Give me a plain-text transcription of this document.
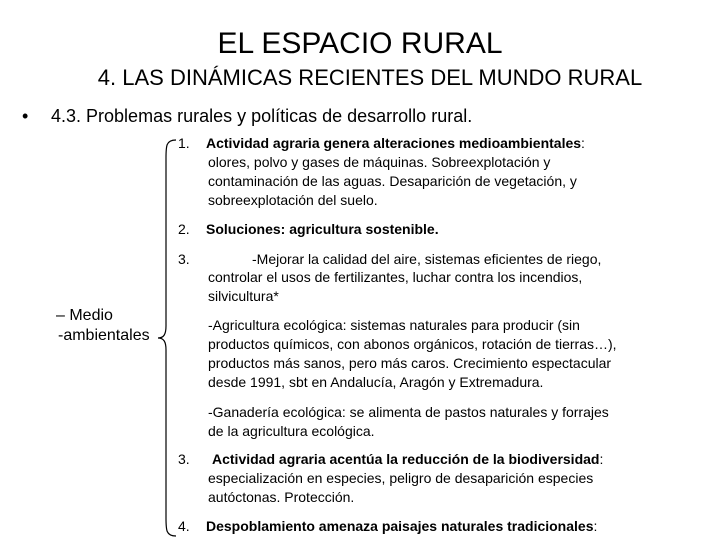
EL ESPACIO RURAL
4. LAS DINÁMICAS RECIENTES DEL MUNDO RURAL
• 4.3. Problemas rurales y políticas de desarrollo rural.
– Medio
-ambientales
1.	Actividad agraria genera alteraciones medioambientales:
olores, polvo y gases de máquinas. Sobreexplotación y
contaminación de las aguas. Desaparición de vegetación, y
sobreexplotación del suelo.
2.	Soluciones: agricultura sostenible.
3.	-Mejorar la calidad del aire, sistemas eficientes de riego,
controlar el usos de fertilizantes, luchar contra los incendios,
silvicultura*
-Agricultura ecológica: sistemas naturales para producir (sin
productos químicos, con abonos orgánicos, rotación de tierras…),
productos más sanos, pero más caros. Crecimiento espectacular
desde 1991, sbt en Andalucía, Aragón y Extremadura.
-Ganadería ecológica: se alimenta de pastos naturales y forrajes
de la agricultura ecológica.
3.	Actividad agraria acentúa la reducción de la biodiversidad:
especialización en especies, peligro de desaparición especies
autóctonas. Protección.
4.	Despoblamiento amenaza paisajes naturales tradicionales:
